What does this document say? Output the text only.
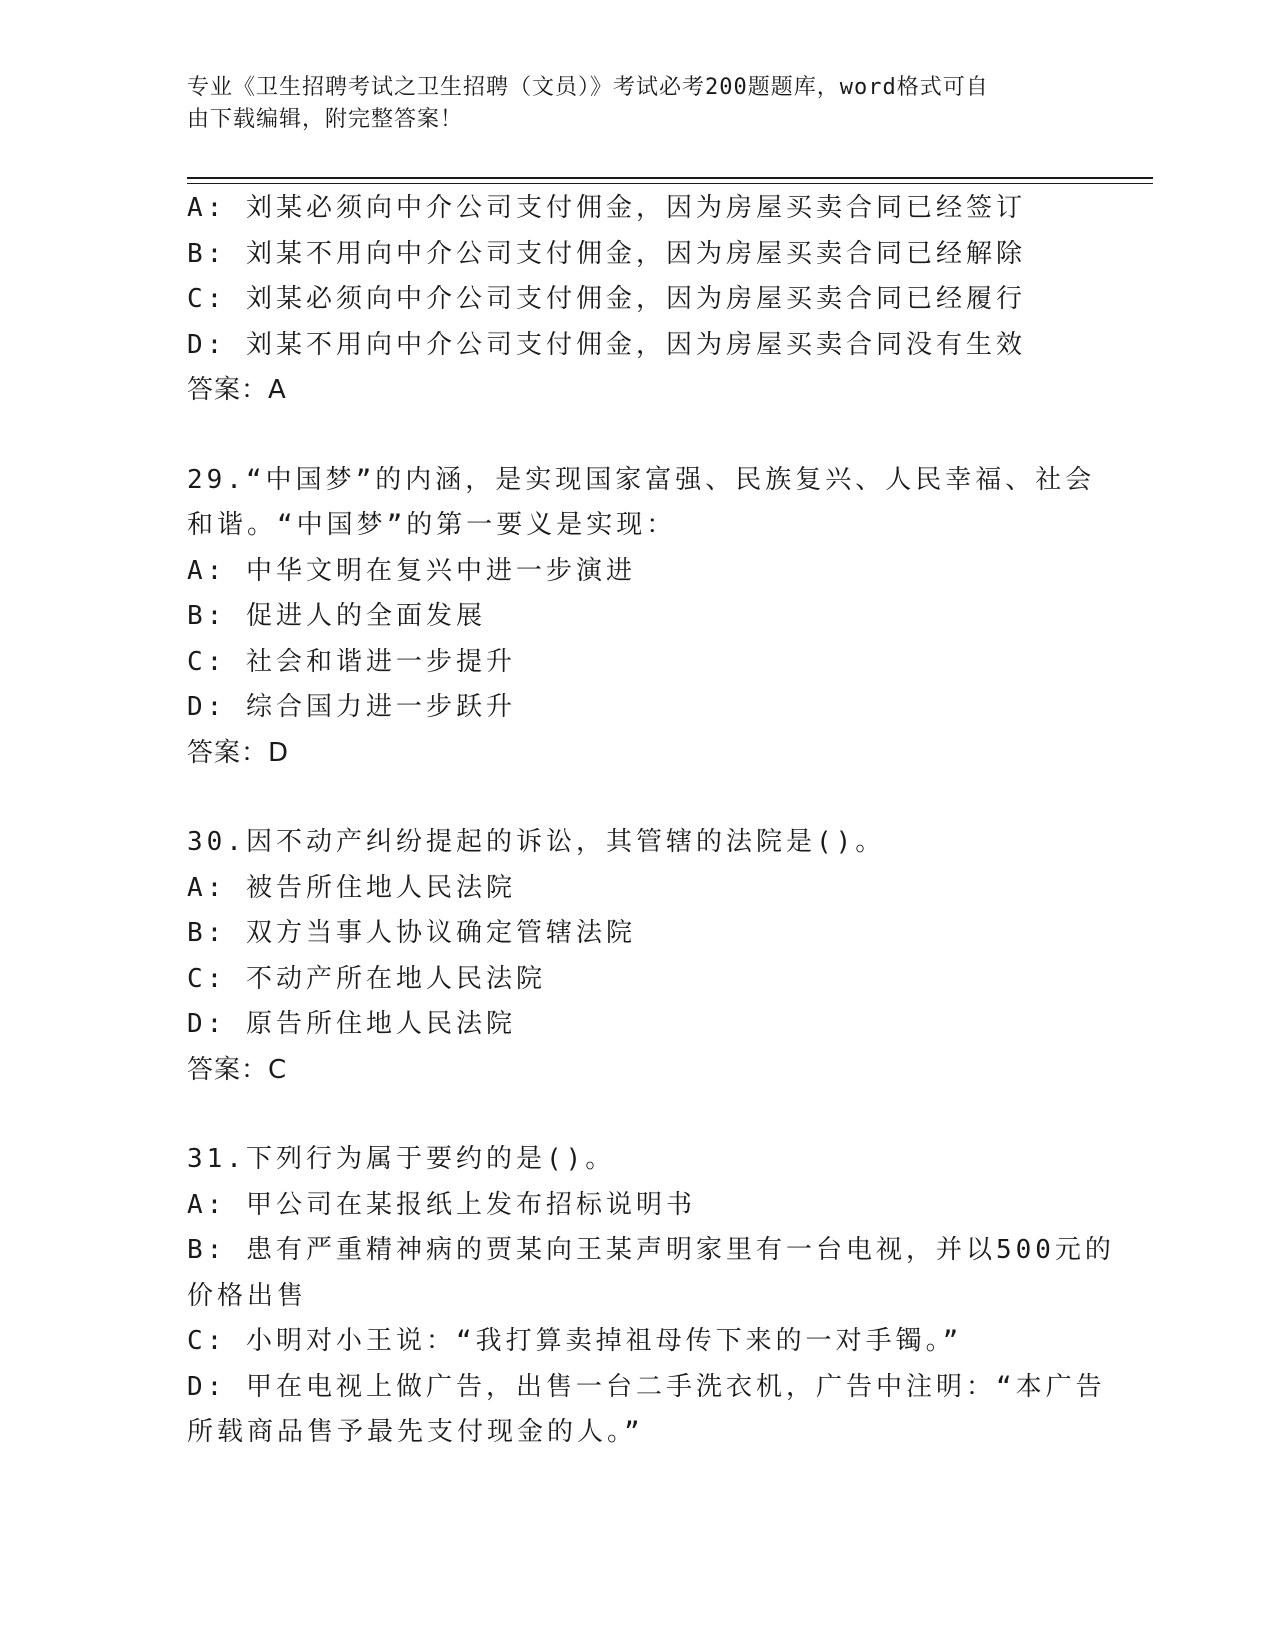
专业《卫生招聘考试之卫生招聘（文员）》考试必考200题题库，word格式可自
由下载编辑，附完整答案！
A: 刘某必须向中介公司支付佣金，因为房屋买卖合同已经签订
B: 刘某不用向中介公司支付佣金，因为房屋买卖合同已经解除
C: 刘某必须向中介公司支付佣金，因为房屋买卖合同已经履行
D: 刘某不用向中介公司支付佣金，因为房屋买卖合同没有生效
答案：A
29.“中国梦”的内涵，是实现国家富强、民族复兴、人民幸福、社会
和谐。“中国梦”的第一要义是实现：
A: 中华文明在复兴中进一步演进
B: 促进人的全面发展
C: 社会和谐进一步提升
D: 综合国力进一步跃升
答案：D
30.因不动产纠纷提起的诉讼，其管辖的法院是()。
A: 被告所住地人民法院
B: 双方当事人协议确定管辖法院
C: 不动产所在地人民法院
D: 原告所住地人民法院
答案：C
31.下列行为属于要约的是()。
A: 甲公司在某报纸上发布招标说明书
B: 患有严重精神病的贾某向王某声明家里有一台电视，并以500元的
价格出售
C: 小明对小王说：“我打算卖掉祖母传下来的一对手镯。”
D: 甲在电视上做广告，出售一台二手洗衣机，广告中注明：“本广告
所载商品售予最先支付现金的人。”
